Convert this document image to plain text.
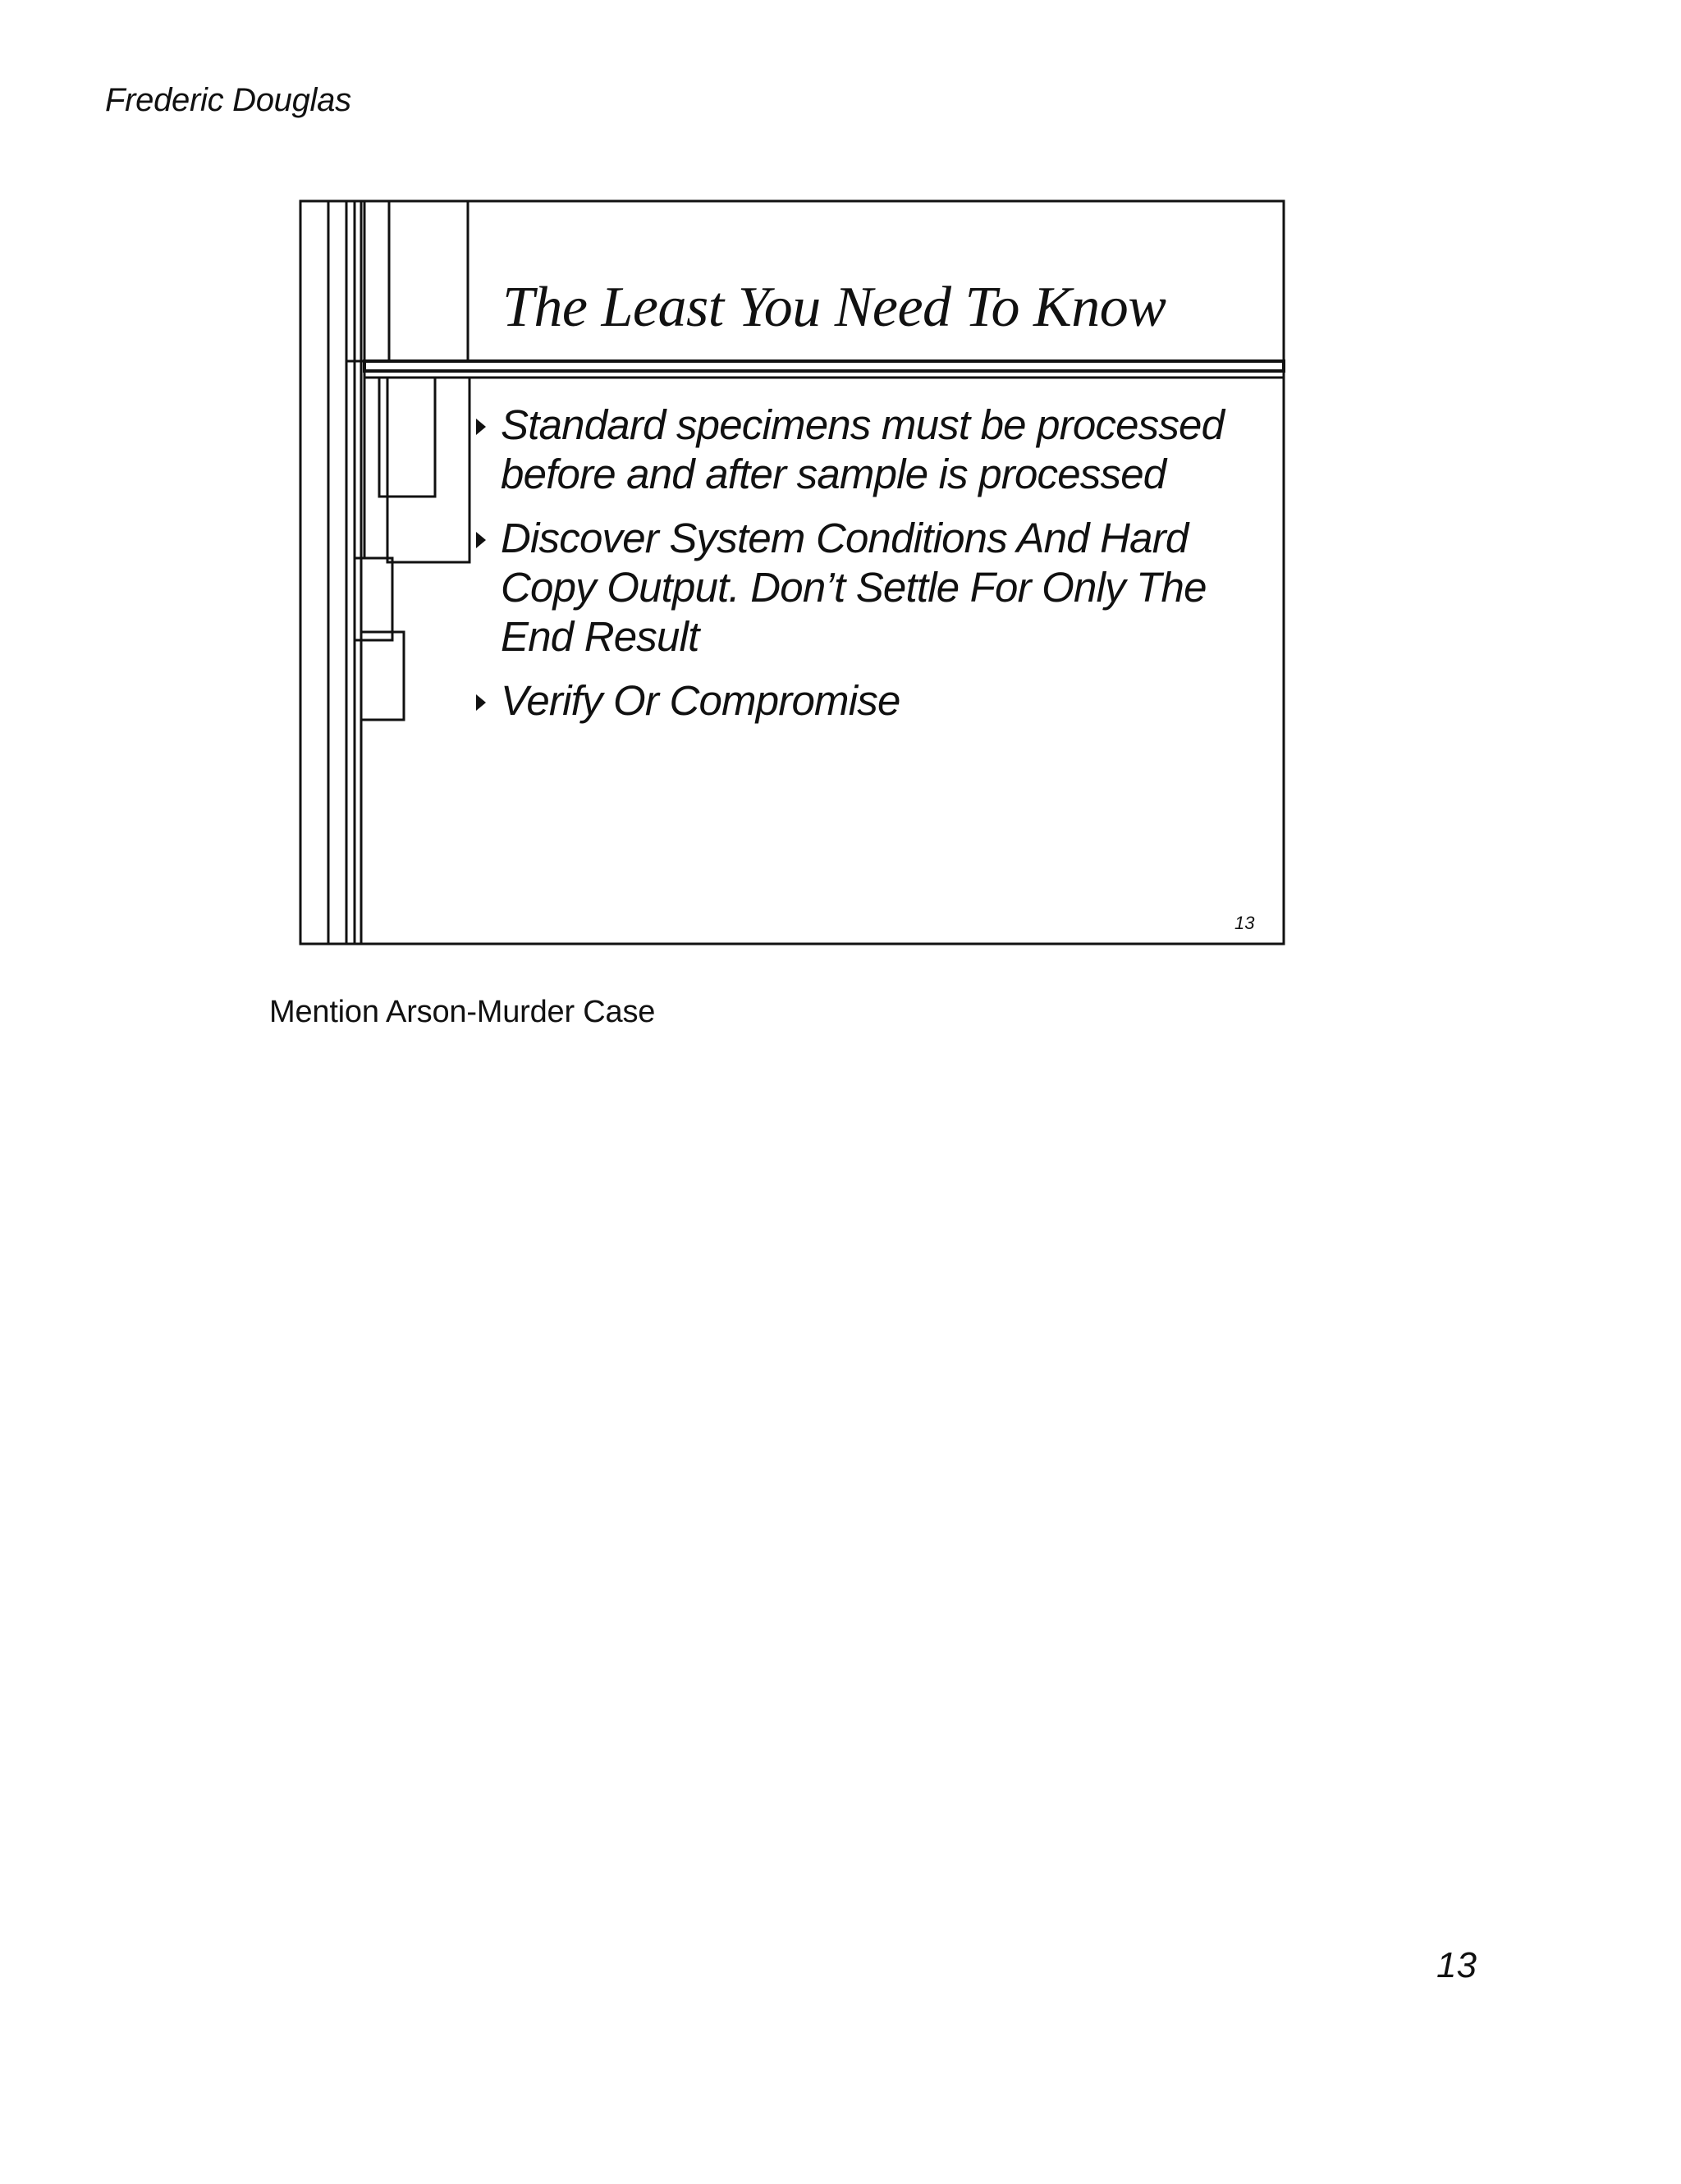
Frederic Douglas
The Least You Need To Know
Standard specimens must be processed before and after sample is processed
Discover System Conditions And Hard Copy Output. Don’t Settle For Only The End Result
Verify Or Compromise
13
Mention Arson-Murder Case
13
